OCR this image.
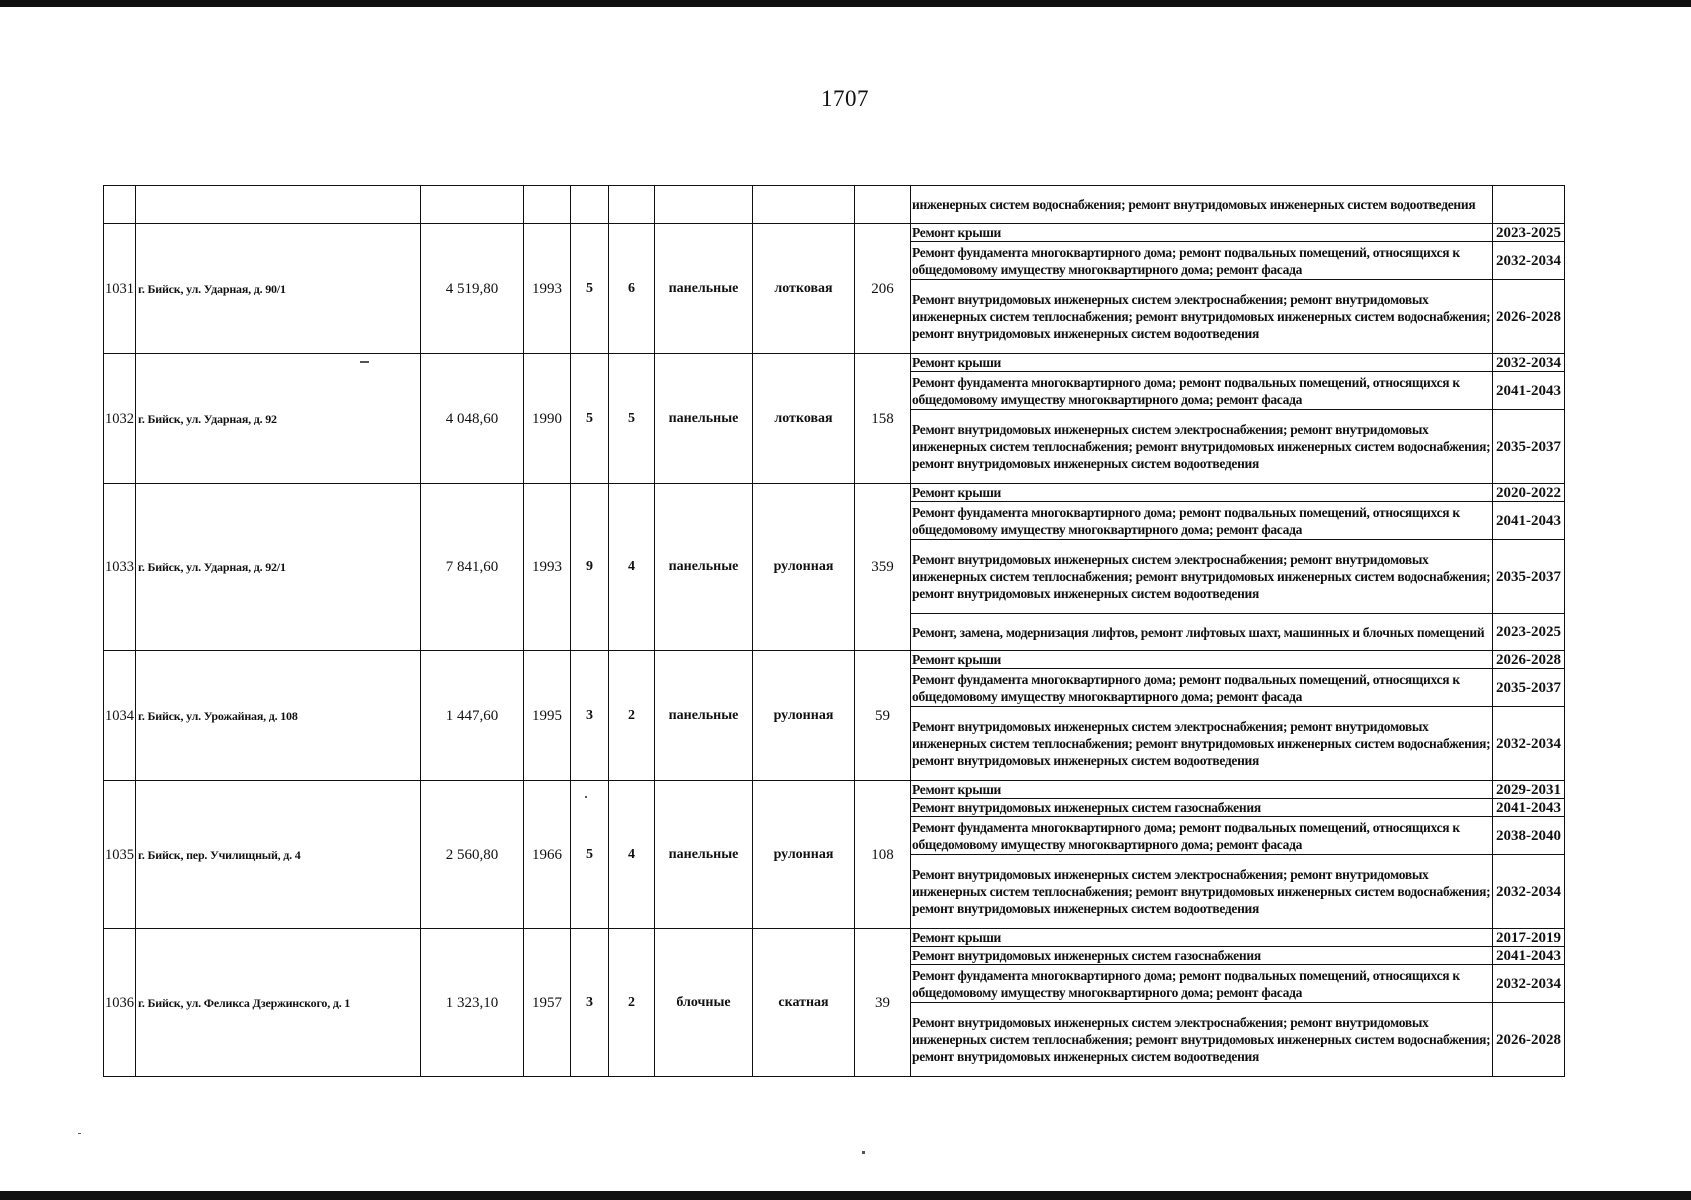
1707
									инженерных систем водоснабжения; ремонт внутридомовых инженерных систем водоотведения	
1031	г. Бийск, ул. Ударная, д. 90/1	4 519,80	1993	5	6	панельные	лотковая	206	Ремонт крыши	2023-2025
									Ремонт фундамента многоквартирного дома; ремонт подвальных помещений, относящихся к общедомовому имуществу многоквартирного дома; ремонт фасада	2032-2034
									Ремонт внутридомовых инженерных систем электроснабжения; ремонт внутридомовых инженерных систем теплоснабжения; ремонт внутридомовых инженерных систем водоснабжения; ремонт внутридомовых инженерных систем водоотведения	2026-2028
1032	г. Бийск, ул. Ударная, д. 92	4 048,60	1990	5	5	панельные	лотковая	158	Ремонт крыши	2032-2034
									Ремонт фундамента многоквартирного дома; ремонт подвальных помещений, относящихся к общедомовому имуществу многоквартирного дома; ремонт фасада	2041-2043
									Ремонт внутридомовых инженерных систем электроснабжения; ремонт внутридомовых инженерных систем теплоснабжения; ремонт внутридомовых инженерных систем водоснабжения; ремонт внутридомовых инженерных систем водоотведения	2035-2037
1033	г. Бийск, ул. Ударная, д. 92/1	7 841,60	1993	9	4	панельные	рулонная	359	Ремонт крыши	2020-2022
									Ремонт фундамента многоквартирного дома; ремонт подвальных помещений, относящихся к общедомовому имуществу многоквартирного дома; ремонт фасада	2041-2043
									Ремонт внутридомовых инженерных систем электроснабжения; ремонт внутридомовых инженерных систем теплоснабжения; ремонт внутридомовых инженерных систем водоснабжения; ремонт внутридомовых инженерных систем водоотведения	2035-2037
									Ремонт, замена, модернизация лифтов, ремонт лифтовых шахт, машинных и блочных помещений	2023-2025
1034	г. Бийск, ул. Урожайная, д. 108	1 447,60	1995	3	2	панельные	рулонная	59	Ремонт крыши	2026-2028
									Ремонт фундамента многоквартирного дома; ремонт подвальных помещений, относящихся к общедомовому имуществу многоквартирного дома; ремонт фасада	2035-2037
									Ремонт внутридомовых инженерных систем электроснабжения; ремонт внутридомовых инженерных систем теплоснабжения; ремонт внутридомовых инженерных систем водоснабжения; ремонт внутридомовых инженерных систем водоотведения	2032-2034
1035	г. Бийск, пер. Училищный, д. 4	2 560,80	1966	5	4	панельные	рулонная	108	Ремонт крыши	2029-2031
									Ремонт внутридомовых инженерных систем газоснабжения	2041-2043
									Ремонт фундамента многоквартирного дома; ремонт подвальных помещений, относящихся к общедомовому имуществу многоквартирного дома; ремонт фасада	2038-2040
									Ремонт внутридомовых инженерных систем электроснабжения; ремонт внутридомовых инженерных систем теплоснабжения; ремонт внутридомовых инженерных систем водоснабжения; ремонт внутридомовых инженерных систем водоотведения	2032-2034
1036	г. Бийск, ул. Феликса Дзержинского, д. 1	1 323,10	1957	3	2	блочные	скатная	39	Ремонт крыши	2017-2019
									Ремонт внутридомовых инженерных систем газоснабжения	2041-2043
									Ремонт фундамента многоквартирного дома; ремонт подвальных помещений, относящихся к общедомовому имуществу многоквартирного дома; ремонт фасада	2032-2034
									Ремонт внутридомовых инженерных систем электроснабжения; ремонт внутридомовых инженерных систем теплоснабжения; ремонт внутридомовых инженерных систем водоснабжения; ремонт внутридомовых инженерных систем водоотведения	2026-2028
